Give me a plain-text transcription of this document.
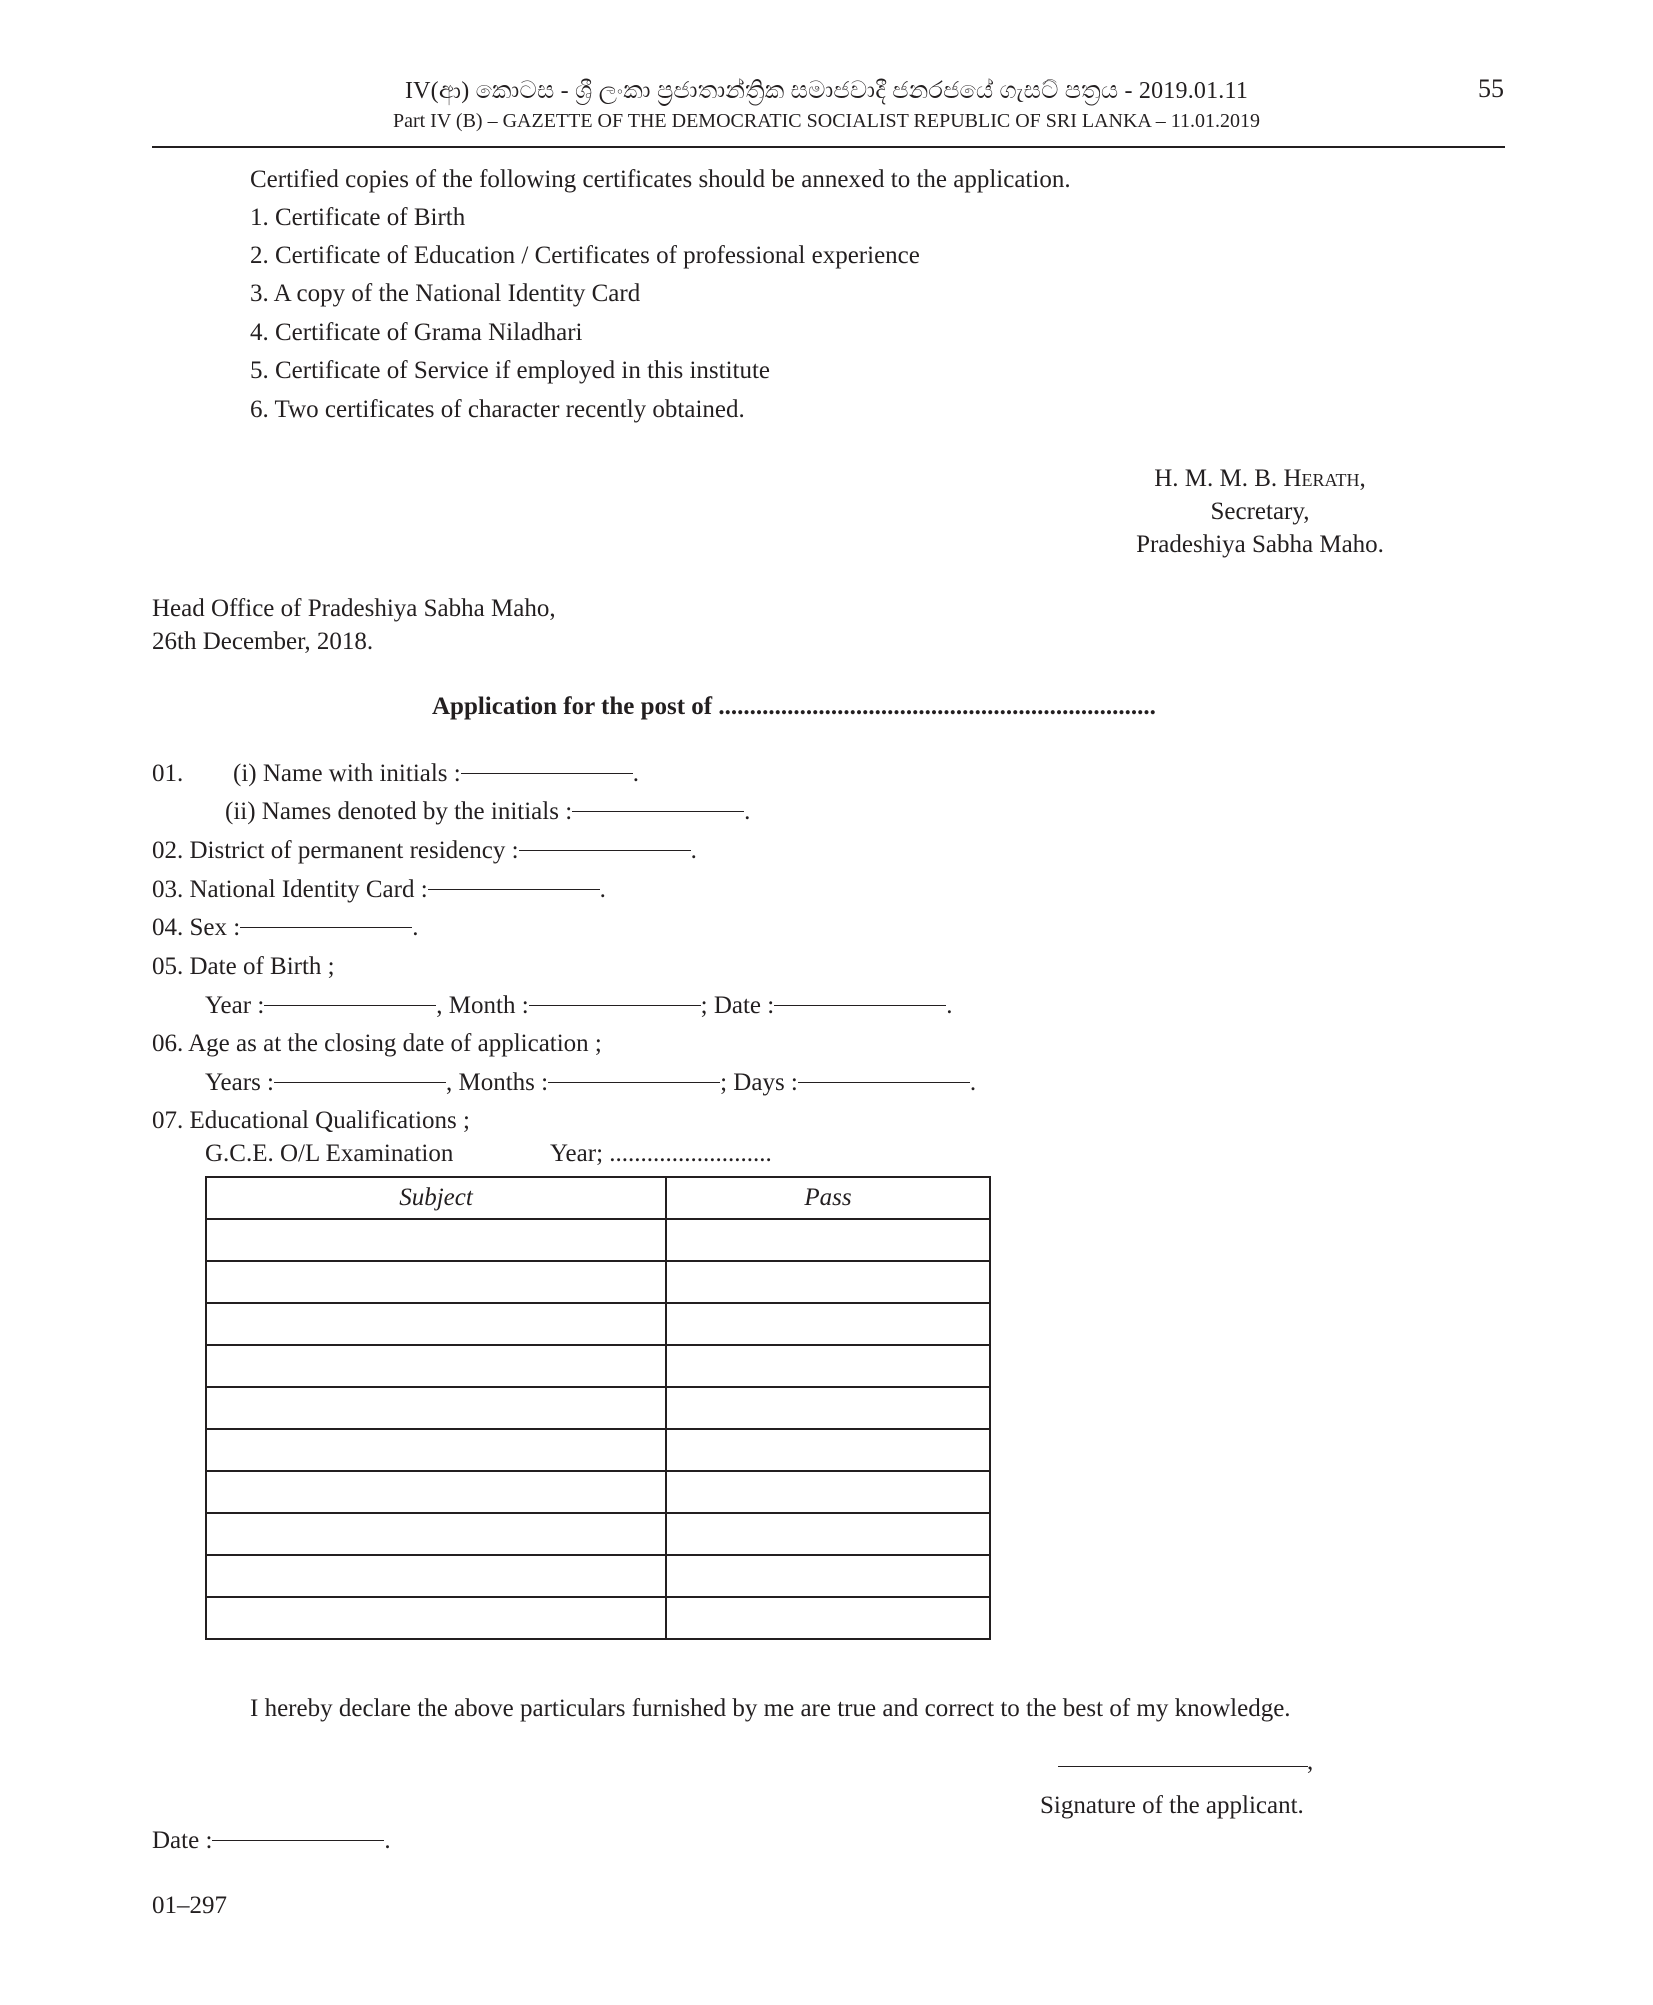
IV(ආ) කොටස - ශ්‍රී ලංකා ප්‍රජාතාන්ත්‍රික සමාජවාදී ජනරජයේ ගැසට් පත්‍රය - 2019.01.11
Part IV (B) – GAZETTE OF THE DEMOCRATIC SOCIALIST REPUBLIC OF SRI LANKA – 11.01.2019
55
Certified copies of the following certificates should be annexed to the application.
1. Certificate of Birth
2. Certificate of Education / Certificates of professional experience
3. A copy of the National Identity Card
4. Certificate of Grama Niladhari
5. Certificate of Service if employed in this institute
6. Two certificates of character recently obtained.
H. M. M. B. Herath,
Secretary,
Pradeshiya Sabha Maho.
Head Office of Pradeshiya Sabha Maho,
26th December, 2018.
Application for the post of ......................................................................
01. (i) Name with initials :	.
(ii) Names denoted by the initials :	.
02. District of permanent residency :	.
03. National Identity Card :	.
04. Sex :	.
05. Date of Birth ;
Year :	, Month :	; Date :	.
06. Age as at the closing date of application ;
Years :	, Months :	; Days :	.
07. Educational Qualifications ;
G.C.E. O/L Examination	Year; ..........................
Subject	Pass

I hereby declare the above particulars furnished by me are true and correct to the best of my knowledge.
,
Signature of the applicant.
Date :	.
01–297
